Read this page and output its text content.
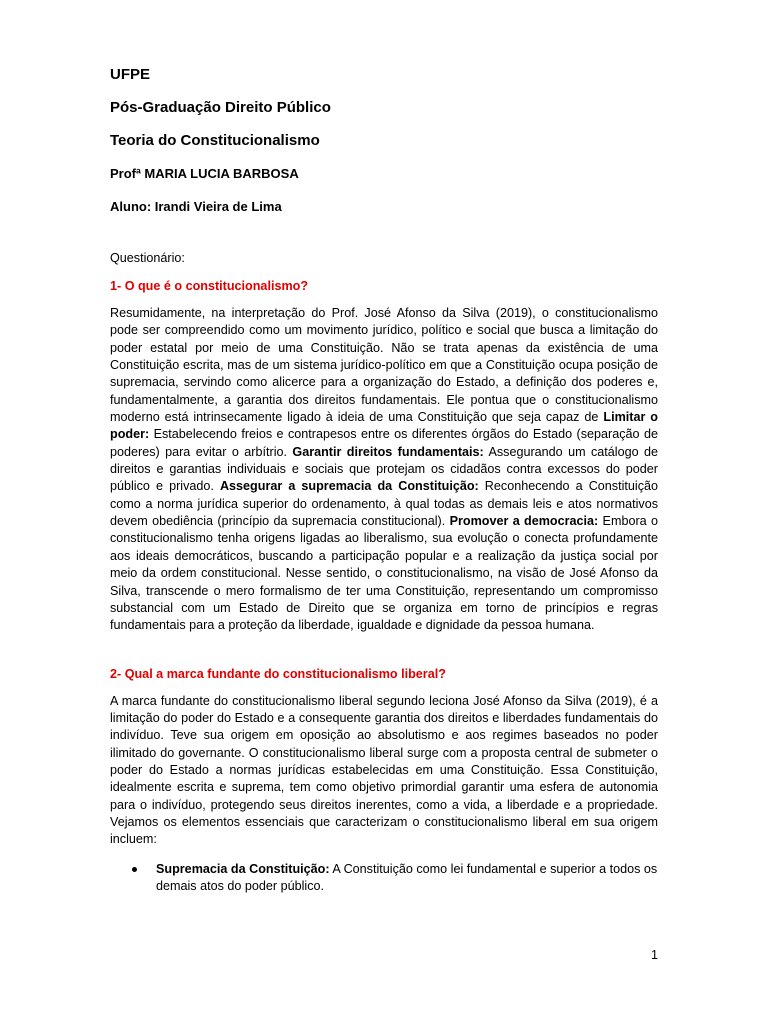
UFPE
Pós-Graduação Direito Público
Teoria do Constitucionalismo
Profª MARIA LUCIA BARBOSA
Aluno: Irandi Vieira de Lima
Questionário:
1- O que é o constitucionalismo?

Resumidamente, na interpretação do Prof. José Afonso da Silva (2019), o constitucionalismo pode ser compreendido como um movimento jurídico, político e social que busca a limitação do poder estatal por meio de uma Constituição. Não se trata apenas da existência de uma Constituição escrita, mas de um sistema jurídico-político em que a Constituição ocupa posição de supremacia, servindo como alicerce para a organização do Estado, a definição dos poderes e, fundamentalmente, a garantia dos direitos fundamentais. Ele pontua que o constitucionalismo moderno está intrinsecamente ligado à ideia de uma Constituição que seja capaz de Limitar o poder: Estabelecendo freios e contrapesos entre os diferentes órgãos do Estado (separação de poderes) para evitar o arbítrio. Garantir direitos fundamentais: Assegurando um catálogo de direitos e garantias individuais e sociais que protejam os cidadãos contra excessos do poder público e privado. Assegurar a supremacia da Constituição: Reconhecendo a Constituição como a norma jurídica superior do ordenamento, à qual todas as demais leis e atos normativos devem obediência (princípio da supremacia constitucional). Promover a democracia: Embora o constitucionalismo tenha origens ligadas ao liberalismo, sua evolução o conecta profundamente aos ideais democráticos, buscando a participação popular e a realização da justiça social por meio da ordem constitucional. Nesse sentido, o constitucionalismo, na visão de José Afonso da Silva, transcende o mero formalismo de ter uma Constituição, representando um compromisso substancial com um Estado de Direito que se organiza em torno de princípios e regras fundamentais para a proteção da liberdade, igualdade e dignidade da pessoa humana.

2- Qual a marca fundante do constitucionalismo liberal?

A marca fundante do constitucionalismo liberal segundo leciona José Afonso da Silva (2019), é a limitação do poder do Estado e a consequente garantia dos direitos e liberdades fundamentais do indivíduo. Teve sua origem em oposição ao absolutismo e aos regimes baseados no poder ilimitado do governante. O constitucionalismo liberal surge com a proposta central de submeter o poder do Estado a normas jurídicas estabelecidas em uma Constituição. Essa Constituição, idealmente escrita e suprema, tem como objetivo primordial garantir uma esfera de autonomia para o indivíduo, protegendo seus direitos inerentes, como a vida, a liberdade e a propriedade. Vejamos os elementos essenciais que caracterizam o constitucionalismo liberal em sua origem incluem:

Supremacia da Constituição: A Constituição como lei fundamental e superior a todos os demais atos do poder público.
1
